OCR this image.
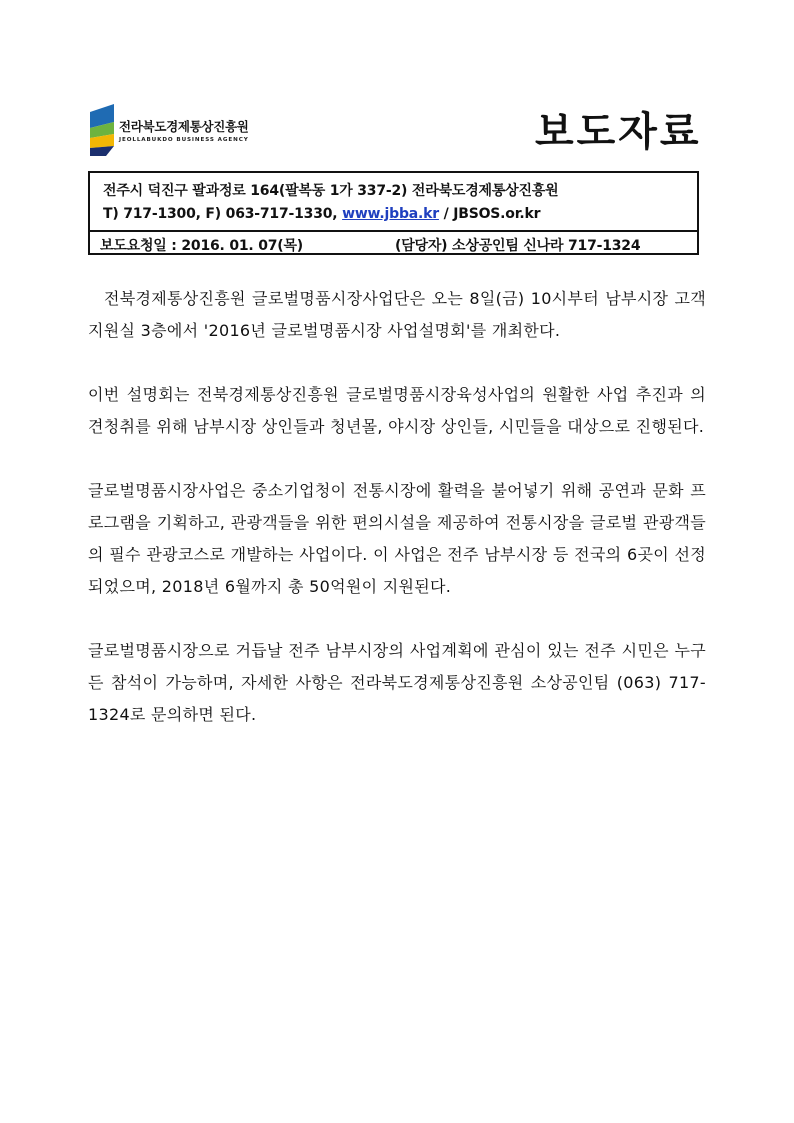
전라북도경제통상진흥원
JEOLLABUKDO BUSINESS AGENCY	보도자료
전주시 덕진구 팔과정로 164(팔복동 1가 337-2) 전라북도경제통상진흥원
T) 717-1300, F) 063-717-1330, www.jbba.kr / JBSOS.or.kr
보도요청일 : 2016. 01. 07(목)	(담당자) 소상공인팀 신나라 717-1324

전북경제통상진흥원 글로벌명품시장사업단은 오는 8일(금) 10시부터 남부시장 고객지원실 3층에서 '2016년 글로벌명품시장 사업설명회'를 개최한다.

이번 설명회는 전북경제통상진흥원 글로벌명품시장육성사업의 원활한 사업 추진과 의견청취를 위해 남부시장 상인들과 청년몰, 야시장 상인들, 시민들을 대상으로 진행된다.

글로벌명품시장사업은 중소기업청이 전통시장에 활력을 불어넣기 위해 공연과 문화 프로그램을 기획하고, 관광객들을 위한 편의시설을 제공하여 전통시장을 글로벌 관광객들의 필수 관광코스로 개발하는 사업이다. 이 사업은 전주 남부시장 등 전국의 6곳이 선정되었으며, 2018년 6월까지 총 50억원이 지원된다.

글로벌명품시장으로 거듭날 전주 남부시장의 사업계획에 관심이 있는 전주 시민은 누구든 참석이 가능하며, 자세한 사항은 전라북도경제통상진흥원 소상공인팀 (063) 717-1324로 문의하면 된다.
